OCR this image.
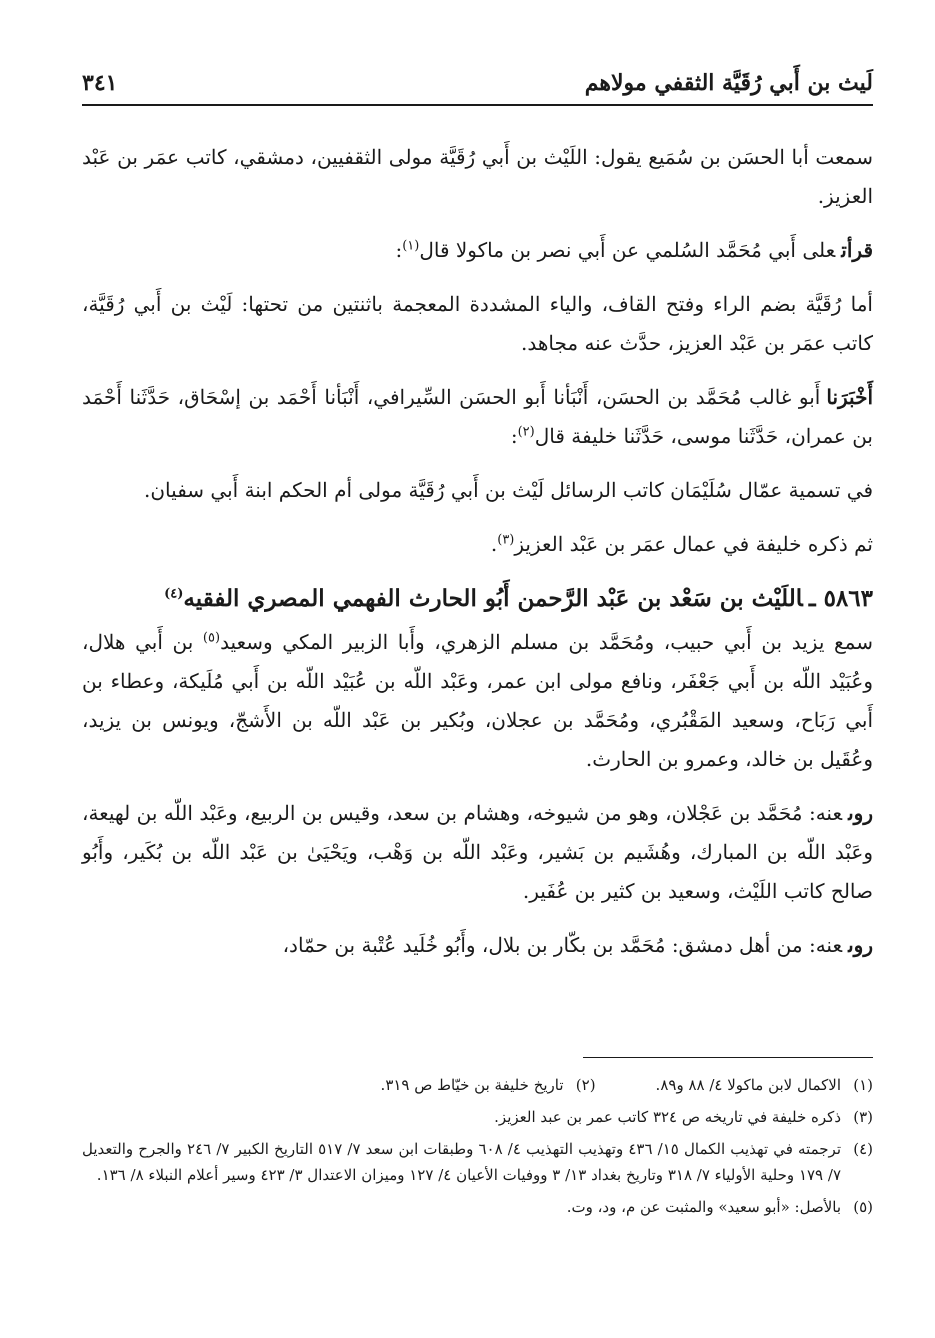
لَيث بن أَبي رُقَيَّة الثقفي مولاهم
٣٤١

سمعت أبا الحسَن بن سُمَيع يقول: اللَيْث بن أَبي رُقَيَّة مولى الثقفيين، دمشقي، كاتب عمَر بن عَبْد العزيز.

قرأتعلى أَبي مُحَمَّد السُلمي عن أَبي نصر بن ماكولا قال$^{(١)}$:

أما رُقَيَّة بضم الراء وفتح القاف، والياء المشددة المعجمة باثنتين من تحتها: لَيْث بن أَبي رُقَيَّة، كاتب عمَر بن عَبْد العزيز، حدَّث عنه مجاهد.

أَخْبَرَناأَبو غالب مُحَمَّد بن الحسَن، أَنْبَأنا أَبو الحسَن السِّيرافي، أَنْبَأنا أَحْمَد بن إسْحَاق، حَدَّثَنا أَحْمَد بن عمران، حَدَّثَنا موسى، حَدَّثَنا خليفة قال$^{(٢)}$:

في تسمية عمّال سُلَيْمَان كاتب الرسائل لَيْث بن أَبي رُقَيَّة مولى أم الحكم ابنة أَبي سفيان.

ثم ذكره خليفة في عمال عمَر بن عَبْد العزيز$^{(٣)}$.

٥٨٦٣ ـاللَيْث بن سَعْد بن عَبْد الرَّحمن أَبُو الحارث الفهمي المصري الفقيه$^{(٤)}$

سمع يزيد بن أَبي حبيب، ومُحَمَّد بن مسلم الزهري، وأَبا الزبير المكي وسعيد$^{(٥)}$ بن أَبي هلال، وعُبَيْد اللّه بن أَبي جَعْفَر، ونافع مولى ابن عمر، وعَبْد اللّه بن عُبَيْد اللّه بن أَبي مُلَيكة، وعطاء بن أَبي رَبَاح، وسعيد المَقْبُري، ومُحَمَّد بن عجلان، وبُكير بن عَبْد اللّه بن الأَشجّ، ويونس بن يزيد، وعُقَيل بن خالد، وعمرو بن الحارث.

روىعنه: مُحَمَّد بن عَجْلان، وهو من شيوخه، وهشام بن سعد، وقيس بن الربيع، وعَبْد اللّه بن لهيعة، وعَبْد اللّه بن المبارك، وهُشَيم بن بَشير، وعَبْد اللّه بن وَهْب، ويَحْيَىٰ بن عَبْد اللّه بن بُكَير، وأَبُو صالح كاتب اللَيْث، وسعيد بن كثير بن عُفَير.

روىعنه: من أهل دمشق: مُحَمَّد بن بكّار بن بلال، وأَبُو خُلَيد عُتْبة بن حمّاد،

(١)
الاكمال لابن ماكولا ٤/ ٨٨ و٨٩.
(٢)
تاريخ خليفة بن خيّاط ص ٣١٩.
(٣)
ذكره خليفة في تاريخه ص ٣٢٤ كاتب عمر بن عبد العزيز.
(٤)
ترجمته في تهذيب الكمال ١٥/ ٤٣٦ وتهذيب التهذيب ٤/ ٦٠٨ وطبقات ابن سعد ٧/ ٥١٧ التاريخ الكبير ٧/ ٢٤٦ والجرح والتعديل ٧/ ١٧٩ وحلية الأولياء ٧/ ٣١٨ وتاريخ بغداد ١٣/ ٣ ووفيات الأعيان ٤/ ١٢٧ وميزان الاعتدال ٣/ ٤٢٣ وسير أعلام النبلاء ٨/ ١٣٦.
(٥)
بالأصل: «أبو سعيد» والمثبت عن م، ود، وت.
